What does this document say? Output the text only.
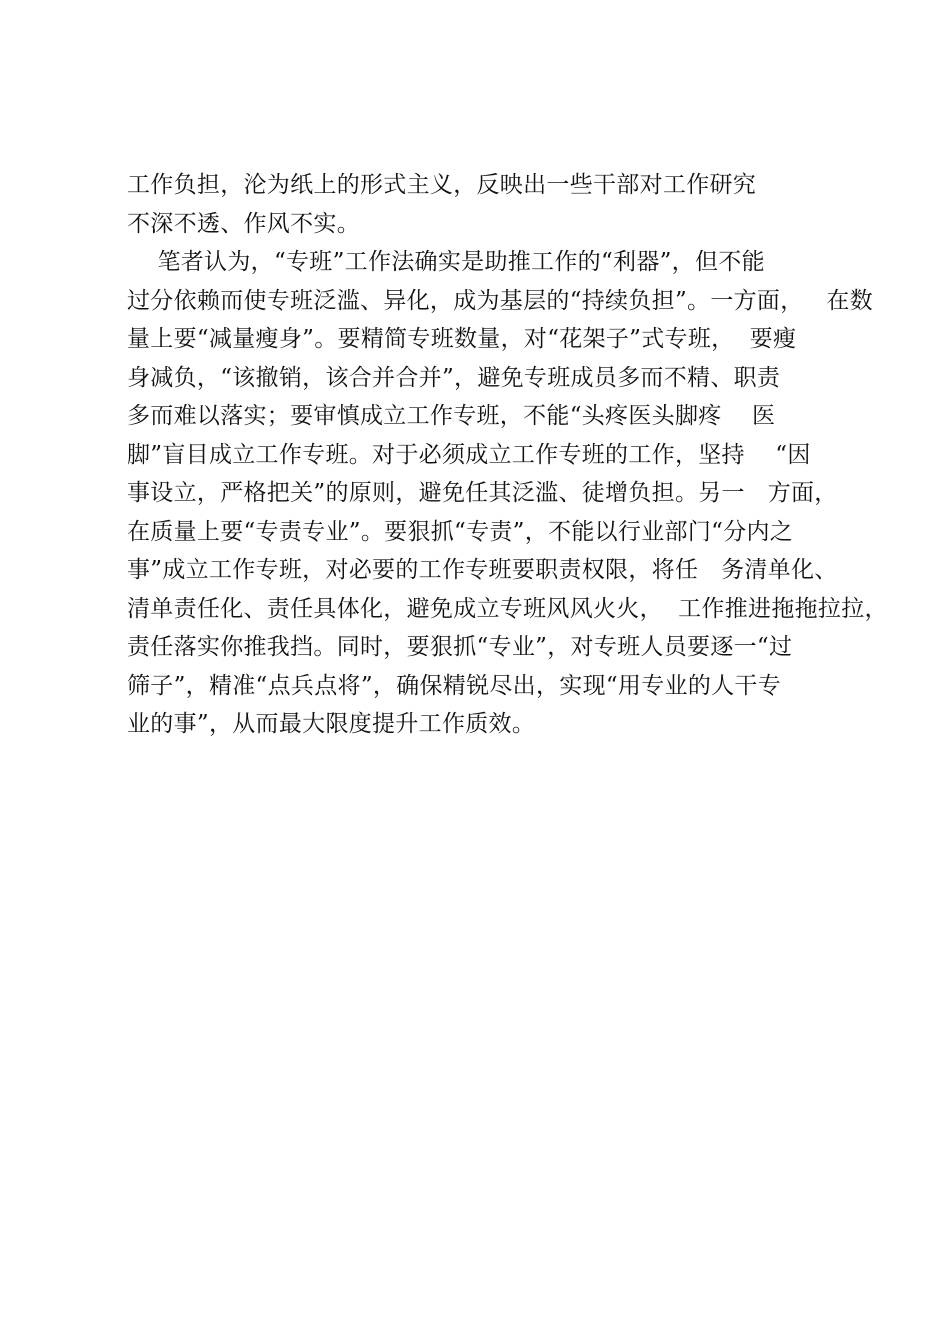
工作负担，沦为纸上的形式主义，反映出一些干部对工作研究
不深不透、作风不实。
笔者认为，“专班”工作法确实是助推工作的“利器”，但不能
过分依赖而使专班泛滥、异化，成为基层的“持续负担”。一方面，   在数
量上要“减量瘦身”。要精简专班数量，对“花架子”式专班，  要瘦
身减负，“该撤销，该合并合并”，避免专班成员多而不精、职责
多而难以落实；要审慎成立工作专班，不能“头疼医头脚疼    医
脚”盲目成立工作专班。对于必须成立工作专班的工作，坚持    “因
事设立，严格把关”的原则，避免任其泛滥、徒增负担。另一   方面，
在质量上要“专责专业”。要狠抓“专责”，不能以行业部门“分内之
事”成立工作专班，对必要的工作专班要职责权限，将任   务清单化、
清单责任化、责任具体化，避免成立专班风风火火，  工作推进拖拖拉拉，
责任落实你推我挡。同时，要狠抓“专业”，对专班人员要逐一“过
筛子”，精准“点兵点将”，确保精锐尽出，实现“用专业的人干专
业的事”，从而最大限度提升工作质效。
